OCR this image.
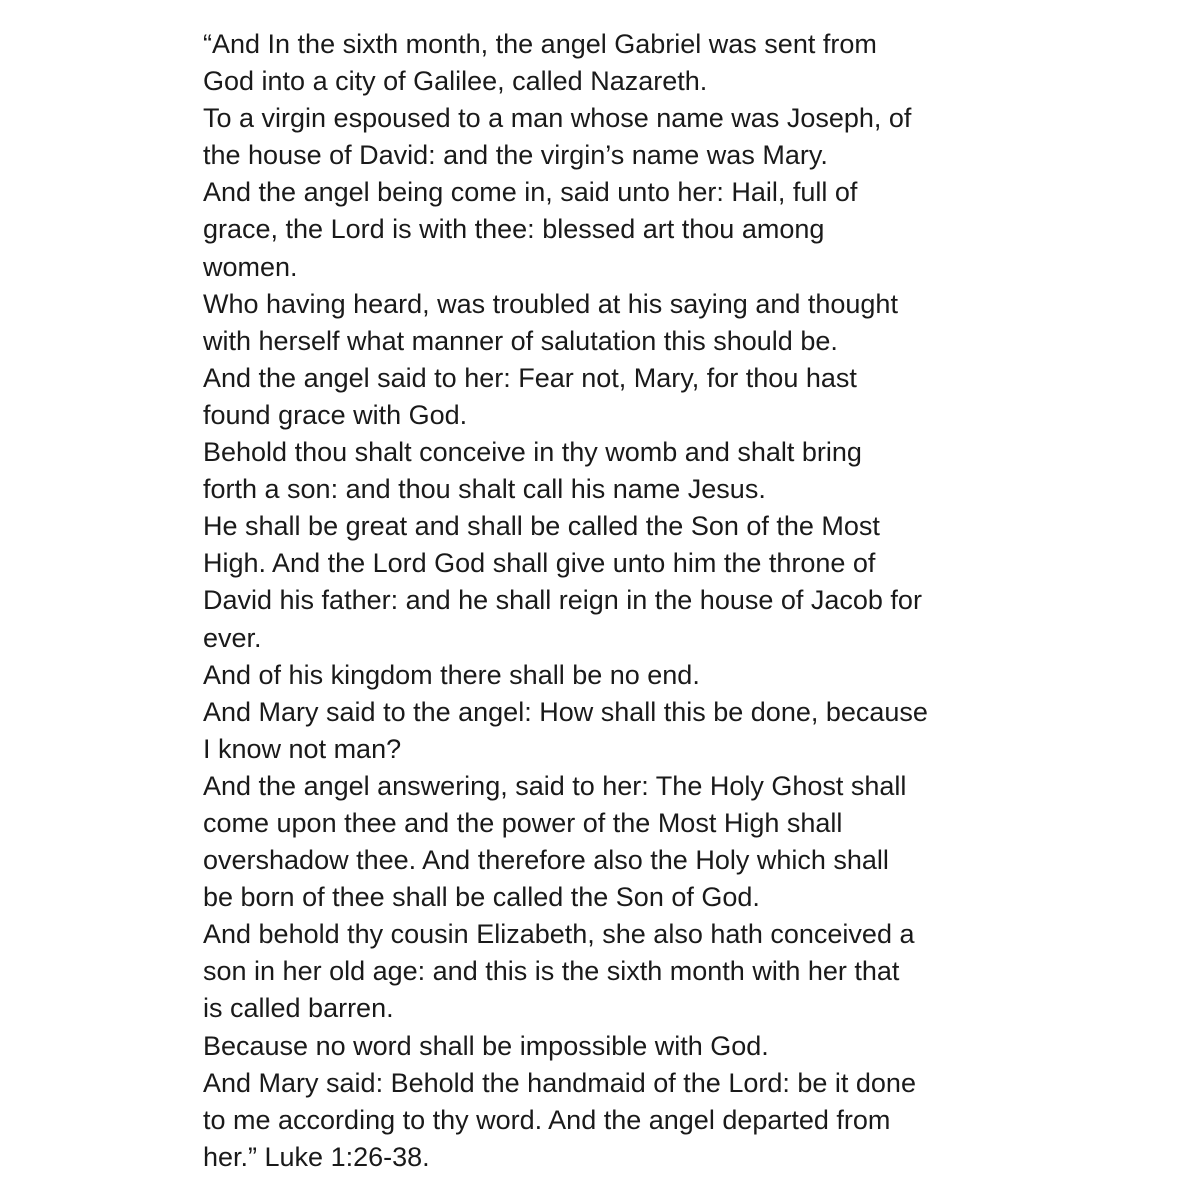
“And In the sixth month, the angel Gabriel was sent from
God into a city of Galilee, called Nazareth.
To a virgin espoused to a man whose name was Joseph, of
the house of David: and the virgin’s name was Mary.
And the angel being come in, said unto her: Hail, full of
grace, the Lord is with thee: blessed art thou among
women.
Who having heard, was troubled at his saying and thought
with herself what manner of salutation this should be.
And the angel said to her: Fear not, Mary, for thou hast
found grace with God.
Behold thou shalt conceive in thy womb and shalt bring
forth a son: and thou shalt call his name Jesus.
He shall be great and shall be called the Son of the Most
High. And the Lord God shall give unto him the throne of
David his father: and he shall reign in the house of Jacob for
ever.
And of his kingdom there shall be no end.
And Mary said to the angel: How shall this be done, because
I know not man?
And the angel answering, said to her: The Holy Ghost shall
come upon thee and the power of the Most High shall
overshadow thee. And therefore also the Holy which shall
be born of thee shall be called the Son of God.
And behold thy cousin Elizabeth, she also hath conceived a
son in her old age: and this is the sixth month with her that
is called barren.
Because no word shall be impossible with God.
And Mary said: Behold the handmaid of the Lord: be it done
to me according to thy word. And the angel departed from
her.” Luke 1:26-38.
